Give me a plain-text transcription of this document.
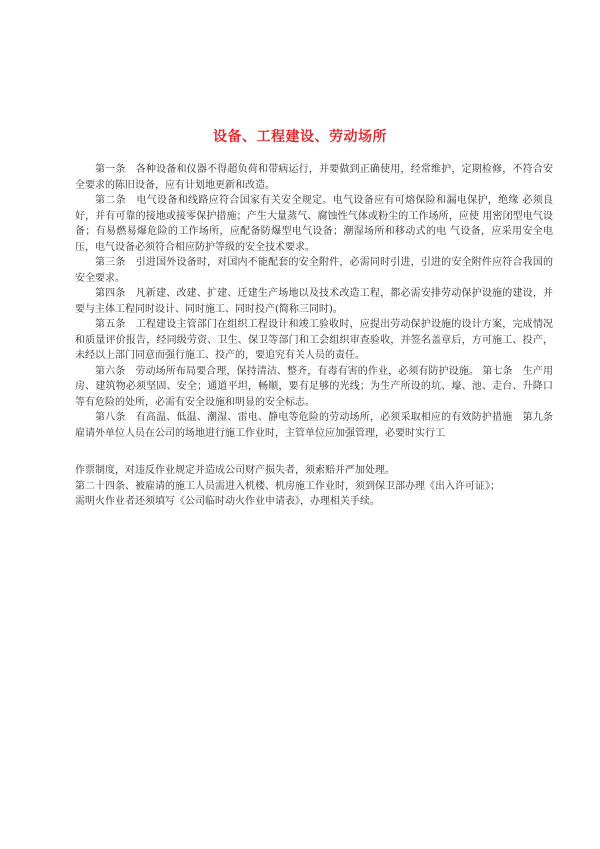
设备、工程建设、劳动场所

第一条　各种设备和仪器不得超负荷和带病运行，并要做到正确使用，经常维护，定期检修，不符合安全要求的陈旧设备，应有计划地更新和改造。

第二条　电气设备和线路应符合国家有关安全规定。电气设备应有可熔保险和漏电保护，绝缘 必须良好，并有可靠的接地或接零保护措施；产生大量蒸气、腐蚀性气体或粉尘的工作场所，应使 用密闭型电气设备；有易燃易爆危险的工作场所，应配备防爆型电气设备；潮湿场所和移动式的电 气设备，应采用安全电压，电气设备必须符合相应防护等级的安全技术要求。

第三条　引进国外设备时，对国内不能配套的安全附件，必需同时引进，引进的安全附件应符合我国的安全要求。

第四条　凡新建、改建、扩建、迁建生产场地以及技术改造工程，都必需安排劳动保护设施的建设，并要与主体工程同时设计、同时施工、同时投产(简称三同时)。

第五条　工程建设主管部门在组织工程设计和竣工验收时，应提出劳动保护设施的设计方案，完成情况和质量评价报告，经同级劳资、卫生、保卫等部门和工会组织审查验收，并签名盖章后，方可施工、投产，未经以上部门同意而强行施工、投产的，要追究有关人员的责任。

第六条　劳动场所布局要合理，保持清洁、整齐，有毒有害的作业，必须有防护设施。 第七条　生产用房、建筑物必须坚固、安全；通道平坦，畅顺，要有足够的光线；为生产所设的坑、壕、池、走台、升降口等有危险的处所，必需有安全设施和明显的安全标志。

第八条　有高温、低温、潮湿、雷电、静电等危险的劳动场所，必须采取相应的有效防护措施　第九条　雇请外单位人员在公司的场地进行施工作业时，主管单位应加强管理，必要时实行工

作票制度，对违反作业规定并造成公司财产损失者，须索赔并严加处理。

第二十四条、被雇请的施工人员需进入机楼、机房施工作业时，须到保卫部办理《出入许可证》；

需明火作业者还须填写《公司临时动火作业申请表》，办理相关手续。
